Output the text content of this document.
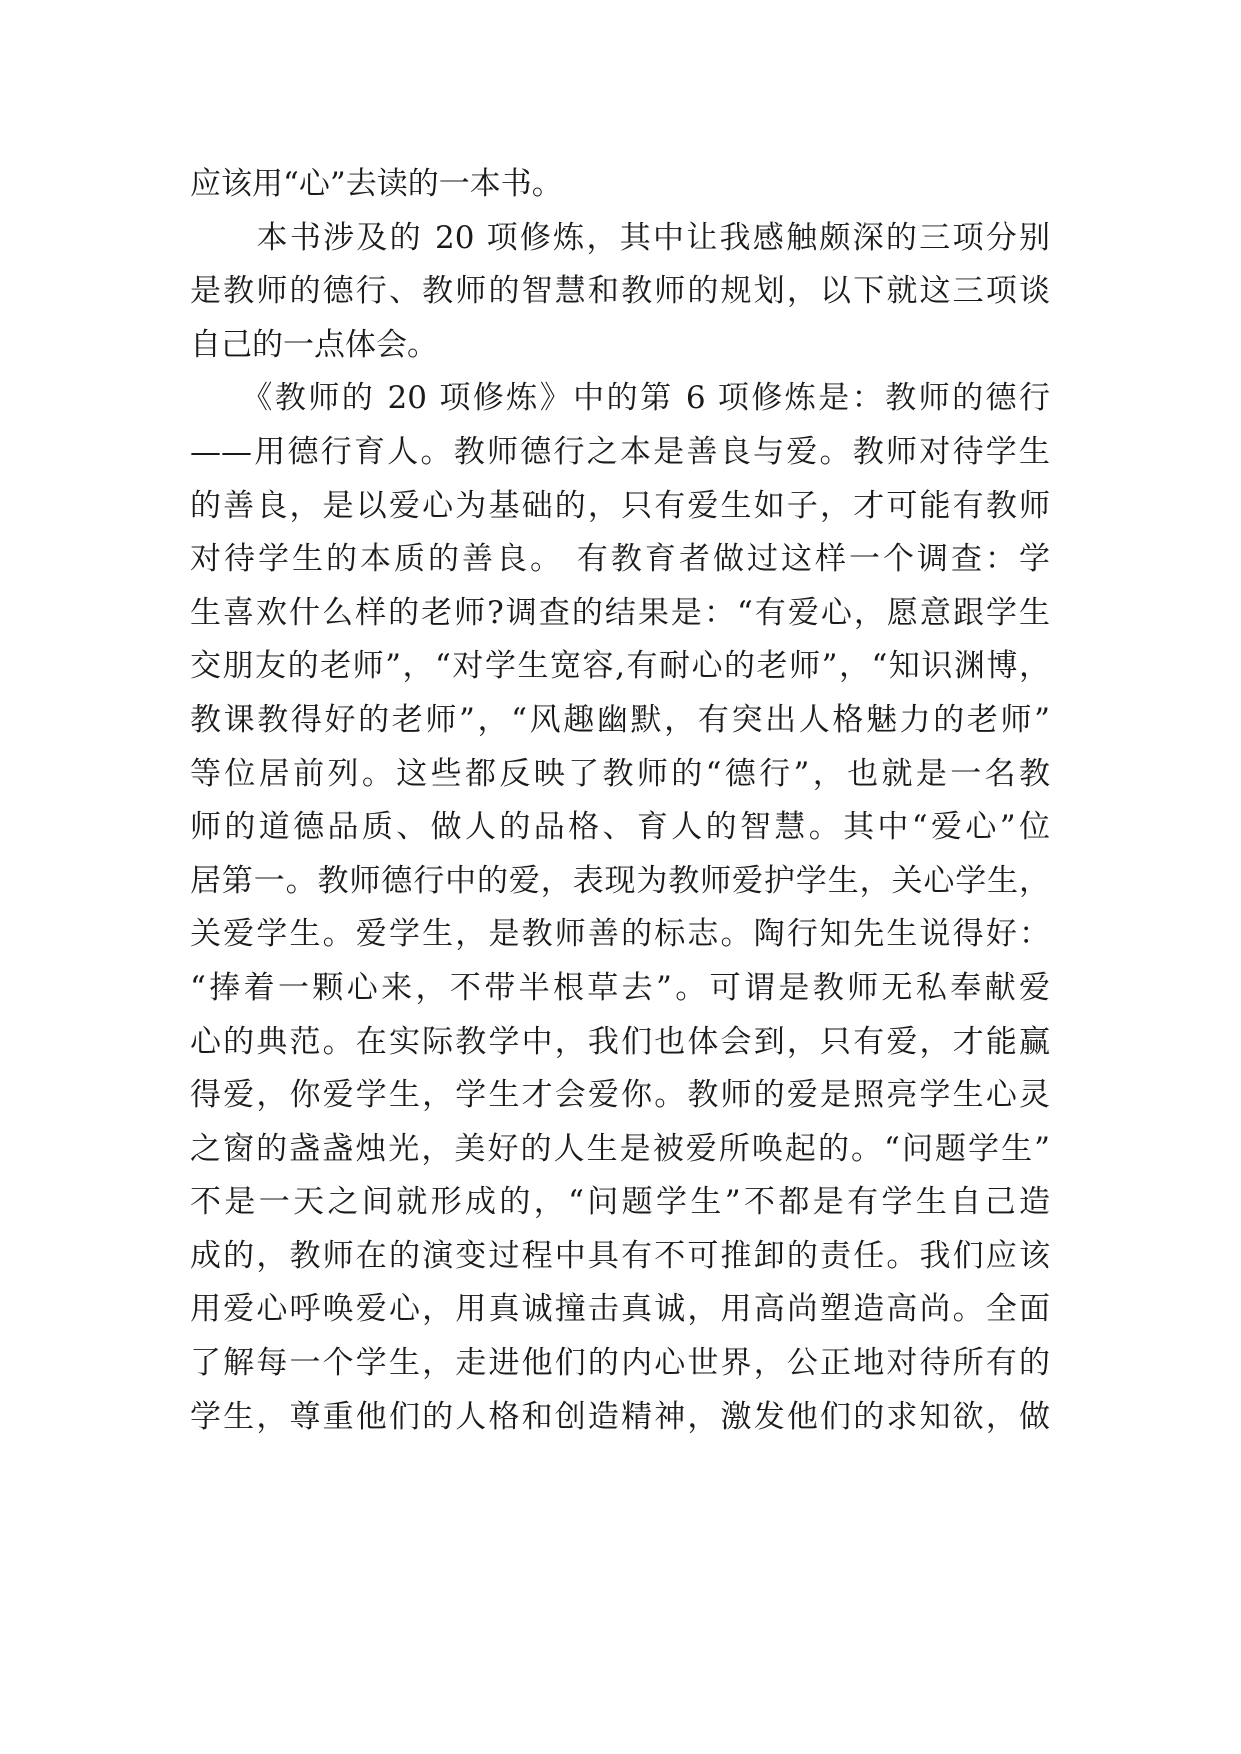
应该用“心”去读的一本书。
　　本书涉及的 20 项修炼，其中让我感触颇深的三项分别
是教师的德行、教师的智慧和教师的规划，以下就这三项谈
自己的一点体会。
　　《教师的 20 项修炼》中的第 6 项修炼是：教师的德行
——用德行育人。教师德行之本是善良与爱。教师对待学生
的善良，是以爱心为基础的，只有爱生如子，才可能有教师
对待学生的本质的善良。 有教育者做过这样一个调查：学
生喜欢什么样的老师?调查的结果是：“有爱心，愿意跟学生
交朋友的老师”，“对学生宽容,有耐心的老师”，“知识渊博，
教课教得好的老师”，“风趣幽默，有突出人格魅力的老师”
等位居前列。这些都反映了教师的“德行”，也就是一名教
师的道德品质、做人的品格、育人的智慧。其中“爱心”位
居第一。教师德行中的爱，表现为教师爱护学生，关心学生，
关爱学生。爱学生，是教师善的标志。陶行知先生说得好：
“捧着一颗心来，不带半根草去”。可谓是教师无私奉献爱
心的典范。在实际教学中，我们也体会到，只有爱，才能赢
得爱，你爱学生，学生才会爱你。教师的爱是照亮学生心灵
之窗的盏盏烛光，美好的人生是被爱所唤起的。“问题学生”
不是一天之间就形成的，“问题学生”不都是有学生自己造
成的，教师在的演变过程中具有不可推卸的责任。我们应该
用爱心呼唤爱心，用真诚撞击真诚，用高尚塑造高尚。全面
了解每一个学生，走进他们的内心世界，公正地对待所有的
学生，尊重他们的人格和创造精神，激发他们的求知欲，做
